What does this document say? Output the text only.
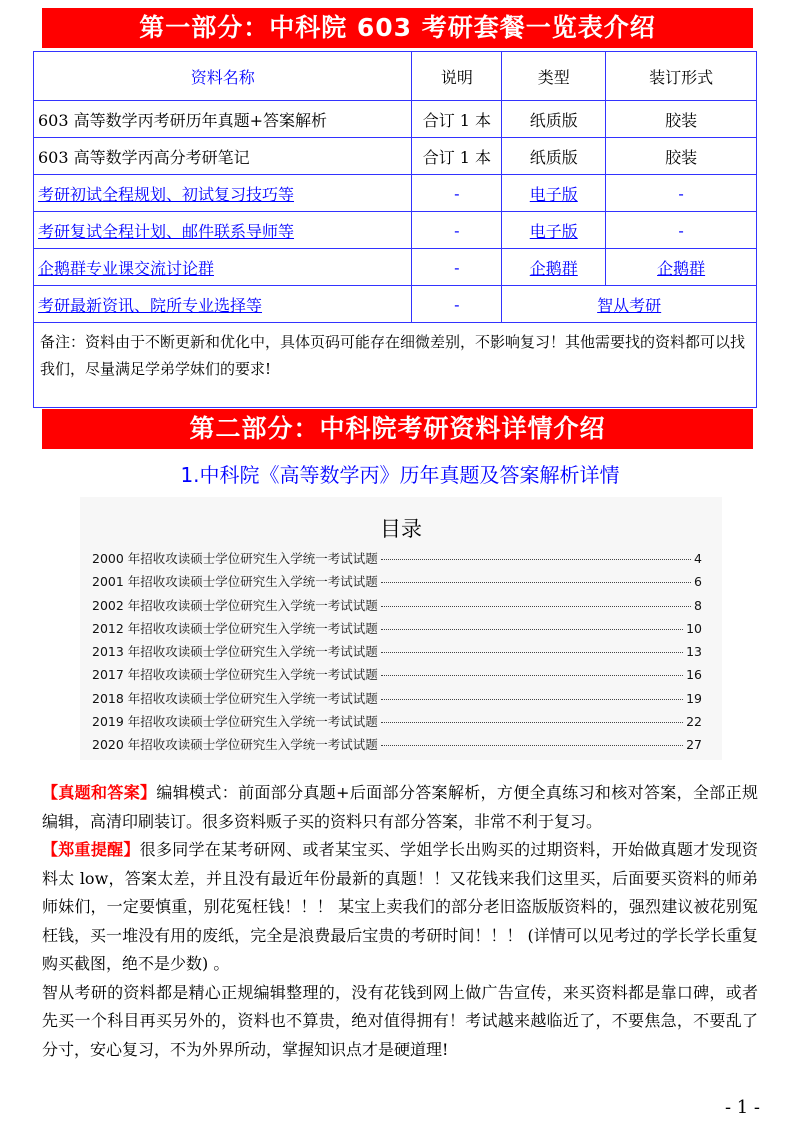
第一部分：中科院 603 考研套餐一览表介绍
资料名称	说明	类型	装订形式
603 高等数学丙考研历年真题+答案解析	合订 1 本	纸质版	胶装
603 高等数学丙高分考研笔记	合订 1 本	纸质版	胶装
考研初试全程规划、初试复习技巧等	-	电子版	-
考研复试全程计划、邮件联系导师等	-	电子版	-
企鹅群专业课交流讨论群	-	企鹅群	企鹅群
考研最新资讯、院所专业选择等	-	智从考研	
备注：资料由于不断更新和优化中，具体页码可能存在细微差别，不影响复习！其他需要找的资料都可以找我们，尽量满足学弟学妹们的要求!			
第二部分：中科院考研资料详情介绍
1.中科院《高等数学丙》历年真题及答案解析详情
目录
2000 年招收攻读硕士学位研究生入学统一考试试题	4
2001 年招收攻读硕士学位研究生入学统一考试试题	6
2002 年招收攻读硕士学位研究生入学统一考试试题	8
2012 年招收攻读硕士学位研究生入学统一考试试题	10
2013 年招收攻读硕士学位研究生入学统一考试试题	13
2017 年招收攻读硕士学位研究生入学统一考试试题	16
2018 年招收攻读硕士学位研究生入学统一考试试题	19
2019 年招收攻读硕士学位研究生入学统一考试试题	22
2020 年招收攻读硕士学位研究生入学统一考试试题	27

【真题和答案】编辑模式：前面部分真题+后面部分答案解析，方便全真练习和核对答案，全部正规编辑，高清印刷装订。很多资料贩子买的资料只有部分答案，非常不利于复习。

【郑重提醒】很多同学在某考研网、或者某宝买、学姐学长出购买的过期资料，开始做真题才发现资料太 low，答案太差，并且没有最近年份最新的真题！！又花钱来我们这里买，后面要买资料的师弟师妹们，一定要慎重，别花冤枉钱！！！ 某宝上卖我们的部分老旧盗版版资料的，强烈建议被花别冤枉钱，买一堆没有用的废纸，完全是浪费最后宝贵的考研时间！！！ (详情可以见考过的学长学长重复购买截图，绝不是少数) 。

智从考研的资料都是精心正规编辑整理的，没有花钱到网上做广告宣传，来买资料都是靠口碑，或者先买一个科目再买另外的，资料也不算贵，绝对值得拥有！考试越来越临近了，不要焦急，不要乱了分寸，安心复习，不为外界所动，掌握知识点才是硬道理!

- 1 -
